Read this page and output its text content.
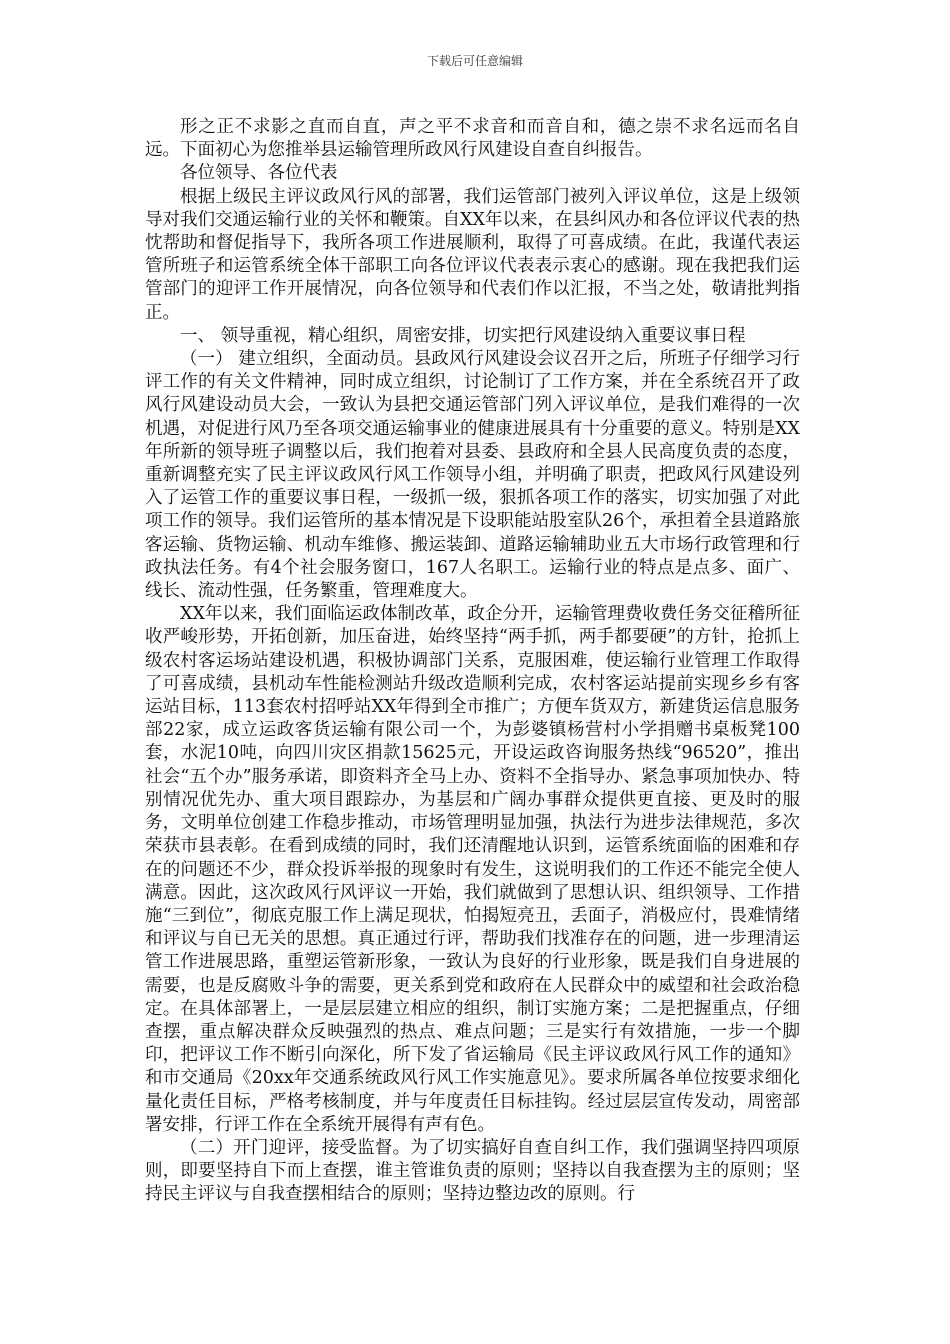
下载后可任意编辑

形之正不求影之直而自直，声之平不求音和而音自和，德之崇不求名远而名自远。下面初心为您推举县运输管理所政风行风建设自查自纠报告。

各位领导、各位代表

根据上级民主评议政风行风的部署，我们运管部门被列入评议单位，这是上级领导对我们交通运输行业的关怀和鞭策。自XX年以来，在县纠风办和各位评议代表的热忱帮助和督促指导下，我所各项工作进展顺利，取得了可喜成绩。在此，我谨代表运管所班子和运管系统全体干部职工向各位评议代表表示衷心的感谢。现在我把我们运管部门的迎评工作开展情况，向各位领导和代表们作以汇报，不当之处，敬请批判指正。

一、 领导重视，精心组织，周密安排，切实把行风建设纳入重要议事日程

（一） 建立组织，全面动员。县政风行风建设会议召开之后，所班子仔细学习行评工作的有关文件精神，同时成立组织，讨论制订了工作方案，并在全系统召开了政风行风建设动员大会，一致认为县把交通运管部门列入评议单位，是我们难得的一次机遇，对促进行风乃至各项交通运输事业的健康进展具有十分重要的意义。特别是XX年所新的领导班子调整以后，我们抱着对县委、县政府和全县人民高度负责的态度，重新调整充实了民主评议政风行风工作领导小组，并明确了职责，把政风行风建设列入了运管工作的重要议事日程，一级抓一级，狠抓各项工作的落实，切实加强了对此项工作的领导。我们运管所的基本情况是下设职能站股室队26个，承担着全县道路旅客运输、货物运输、机动车维修、搬运装卸、道路运输辅助业五大市场行政管理和行政执法任务。有4个社会服务窗口，167人名职工。运输行业的特点是点多、面广、线长、流动性强，任务繁重，管理难度大。

XX年以来，我们面临运政体制改革，政企分开，运输管理费收费任务交征稽所征收严峻形势，开拓创新，加压奋进，始终坚持“两手抓，两手都要硬”的方针，抢抓上级农村客运场站建设机遇，积极协调部门关系，克服困难，使运输行业管理工作取得了可喜成绩，县机动车性能检测站升级改造顺利完成，农村客运站提前实现乡乡有客运站目标，113套农村招呼站XX年得到全市推广；方便车货双方，新建货运信息服务部22家，成立运政客货运输有限公司一个，为彭婆镇杨营村小学捐赠书桌板凳100套，水泥10吨，向四川灾区捐款15625元，开设运政咨询服务热线“96520”，推出社会“五个办”服务承诺，即资料齐全马上办、资料不全指导办、紧急事项加快办、特别情况优先办、重大项目跟踪办，为基层和广阔办事群众提供更直接、更及时的服务，文明单位创建工作稳步推动，市场管理明显加强，执法行为进步法律规范，多次荣获市县表彰。在看到成绩的同时，我们还清醒地认识到，运管系统面临的困难和存在的问题还不少，群众投诉举报的现象时有发生，这说明我们的工作还不能完全使人满意。因此，这次政风行风评议一开始，我们就做到了思想认识、组织领导、工作措施“三到位”，彻底克服工作上满足现状，怕揭短亮丑，丢面子，消极应付，畏难情绪和评议与自已无关的思想。真正通过行评，帮助我们找准存在的问题，进一步理清运管工作进展思路，重塑运管新形象，一致认为良好的行业形象，既是我们自身进展的需要，也是反腐败斗争的需要，更关系到党和政府在人民群众中的威望和社会政治稳定。在具体部署上，一是层层建立相应的组织，制订实施方案；二是把握重点，仔细查摆，重点解决群众反映强烈的热点、难点问题；三是实行有效措施，一步一个脚印，把评议工作不断引向深化，所下发了省运输局《民主评议政风行风工作的通知》和市交通局《20xx年交通系统政风行风工作实施意见》。要求所属各单位按要求细化量化责任目标，严格考核制度，并与年度责任目标挂钩。经过层层宣传发动，周密部署安排，行评工作在全系统开展得有声有色。

（二）开门迎评，接受监督。为了切实搞好自查自纠工作，我们强调坚持四项原则，即要坚持自下而上查摆，谁主管谁负责的原则；坚持以自我查摆为主的原则；坚持民主评议与自我查摆相结合的原则；坚持边整边改的原则。行
